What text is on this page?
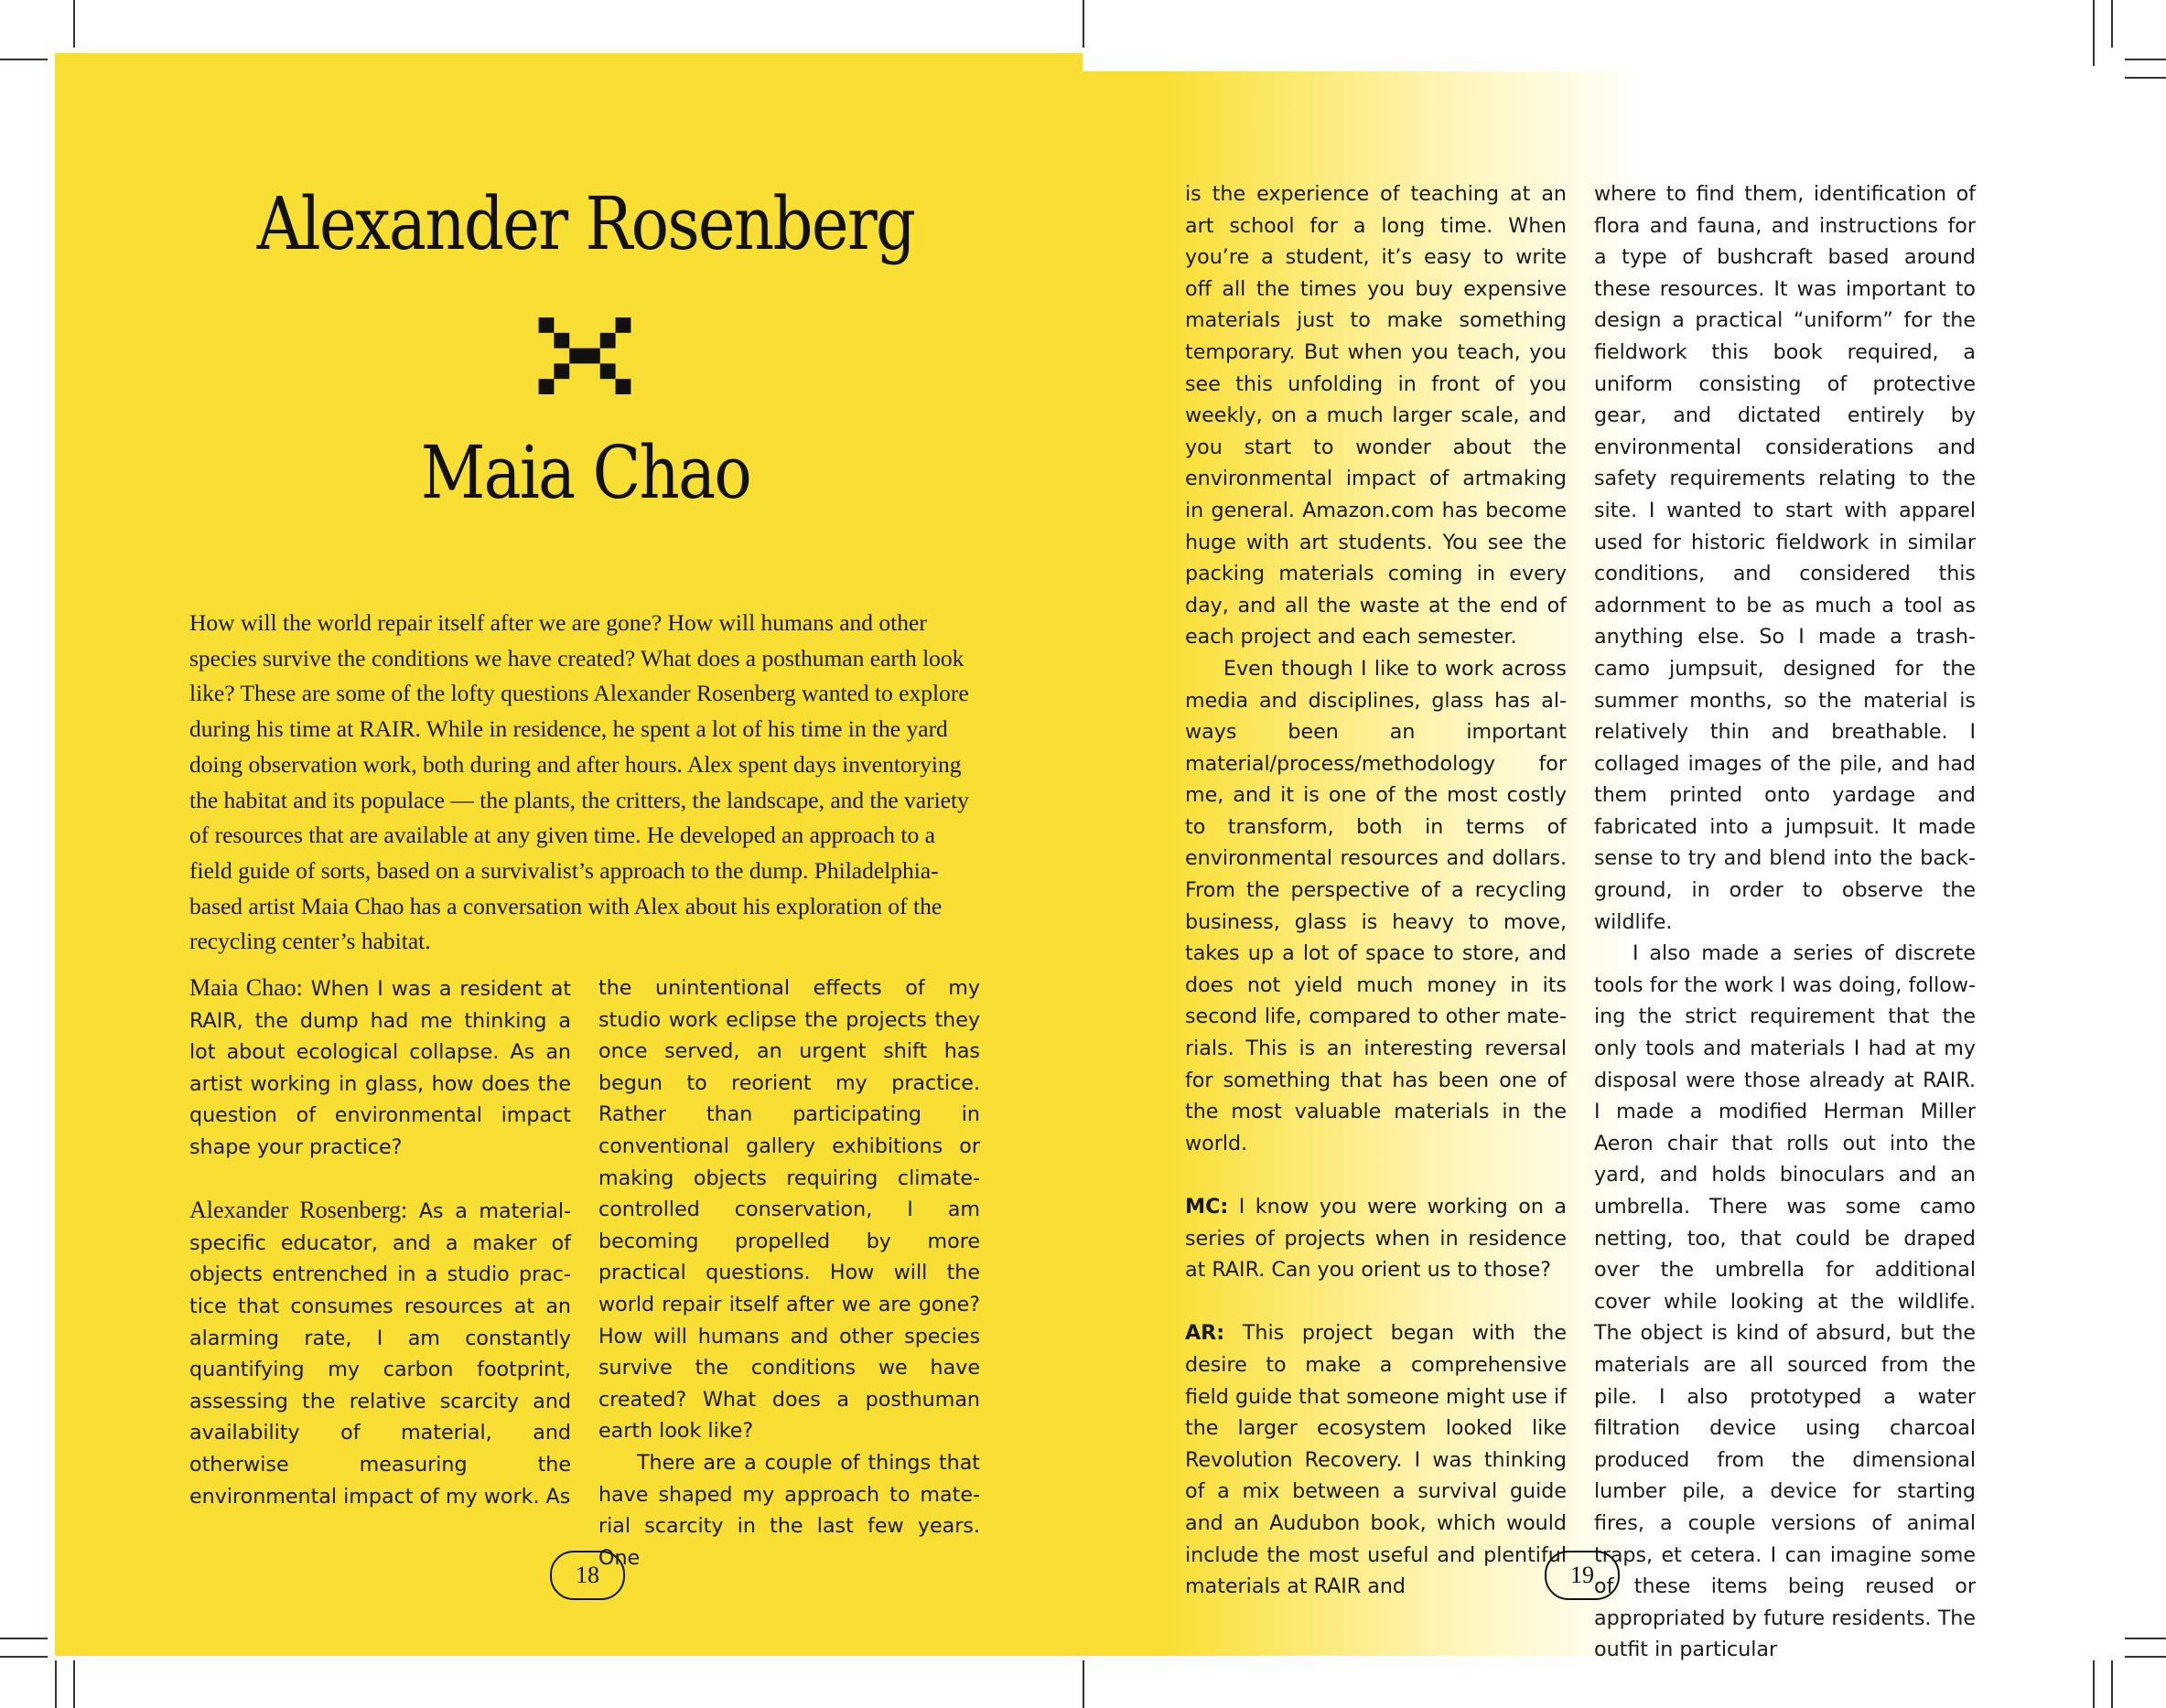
Alexander Rosenberg
Maia Chao
How will the world repair itself after we are gone? How will humans and other species survive the conditions we have created? What does a posthuman earth look like? These are some of the lofty questions Alexander Rosenberg wanted to explore during his time at RAIR. While in residence, he spent a lot of his time in the yard doing observation work, both during and after hours. Alex spent days inventorying the habitat and its populace — the plants, the critters, the landscape, and the variety of resources that are available at any given time. He developed an approach to a field guide of sorts, based on a survivalist’s approach to the dump. Philadelphia-based artist Maia Chao has a conversation with Alex about his exploration of the recycling center’s habitat.

Maia Chao: When I was a resident at RAIR, the dump had me thinking a lot about ecological collapse. As an artist working in glass, how does the question of environmental impact shape your practice?

Alexander Rosenberg: As a material-specific educator, and a maker of objects entrenched in a studio practice that consumes resources at an alarming rate, I am constantly quantifying my carbon footprint, assessing the relative scarcity and availability of material, and otherwise measuring the environmental impact of my work. As

the unintentional effects of my studio work eclipse the projects they once served, an urgent shift has begun to reorient my practice. Rather than participating in conventional gallery exhibitions or making objects requiring climate-controlled conservation, I am becoming propelled by more practical questions. How will the world repair itself after we are gone? How will humans and other species survive the conditions we have created? What does a posthuman earth look like?

There are a couple of things that have shaped my approach to material scarcity in the last few years. One

18

is the experience of teaching at an art school for a long time. When you’re a student, it’s easy to write off all the times you buy expensive materials just to make something temporary. But when you teach, you see this unfolding in front of you weekly, on a much larger scale, and you start to wonder about the environmental impact of artmaking in general. Amazon.com has become huge with art students. You see the packing materials coming in every day, and all the waste at the end of each project and each semester.

Even though I like to work across media and disciplines, glass has always been an important material/process/methodology for me, and it is one of the most costly to transform, both in terms of environmental resources and dollars. From the perspective of a recycling business, glass is heavy to move, takes up a lot of space to store, and does not yield much money in its second life, compared to other materials. This is an interesting reversal for something that has been one of the most valuable materials in the world.

MC: I know you were working on a series of projects when in residence at RAIR. Can you orient us to those?

AR: This project began with the desire to make a comprehensive field guide that someone might use if the larger ecosystem looked like Revolution Recovery. I was thinking of a mix between a survival guide and an Audubon book, which would include the most useful and plentiful materials at RAIR and

where to find them, identification of flora and fauna, and instructions for a type of bushcraft based around these resources. It was important to design a practical “uniform” for the fieldwork this book required, a uniform consisting of protective gear, and dictated entirely by environmental considerations and safety requirements relating to the site. I wanted to start with apparel used for historic fieldwork in similar conditions, and considered this adornment to be as much a tool as anything else. So I made a trash-camo jumpsuit, designed for the summer months, so the material is relatively thin and breathable. I collaged images of the pile, and had them printed onto yardage and fabricated into a jumpsuit. It made sense to try and blend into the background, in order to observe the wildlife.

I also made a series of discrete tools for the work I was doing, following the strict requirement that the only tools and materials I had at my disposal were those already at RAIR. I made a modified Herman Miller Aeron chair that rolls out into the yard, and holds binoculars and an umbrella. There was some camo netting, too, that could be draped over the umbrella for additional cover while looking at the wildlife. The object is kind of absurd, but the materials are all sourced from the pile. I also prototyped a water filtration device using charcoal produced from the dimensional lumber pile, a device for starting fires, a couple versions of animal traps, et cetera. I can imagine some of these items being reused or appropriated by future residents. The outfit in particular

19
